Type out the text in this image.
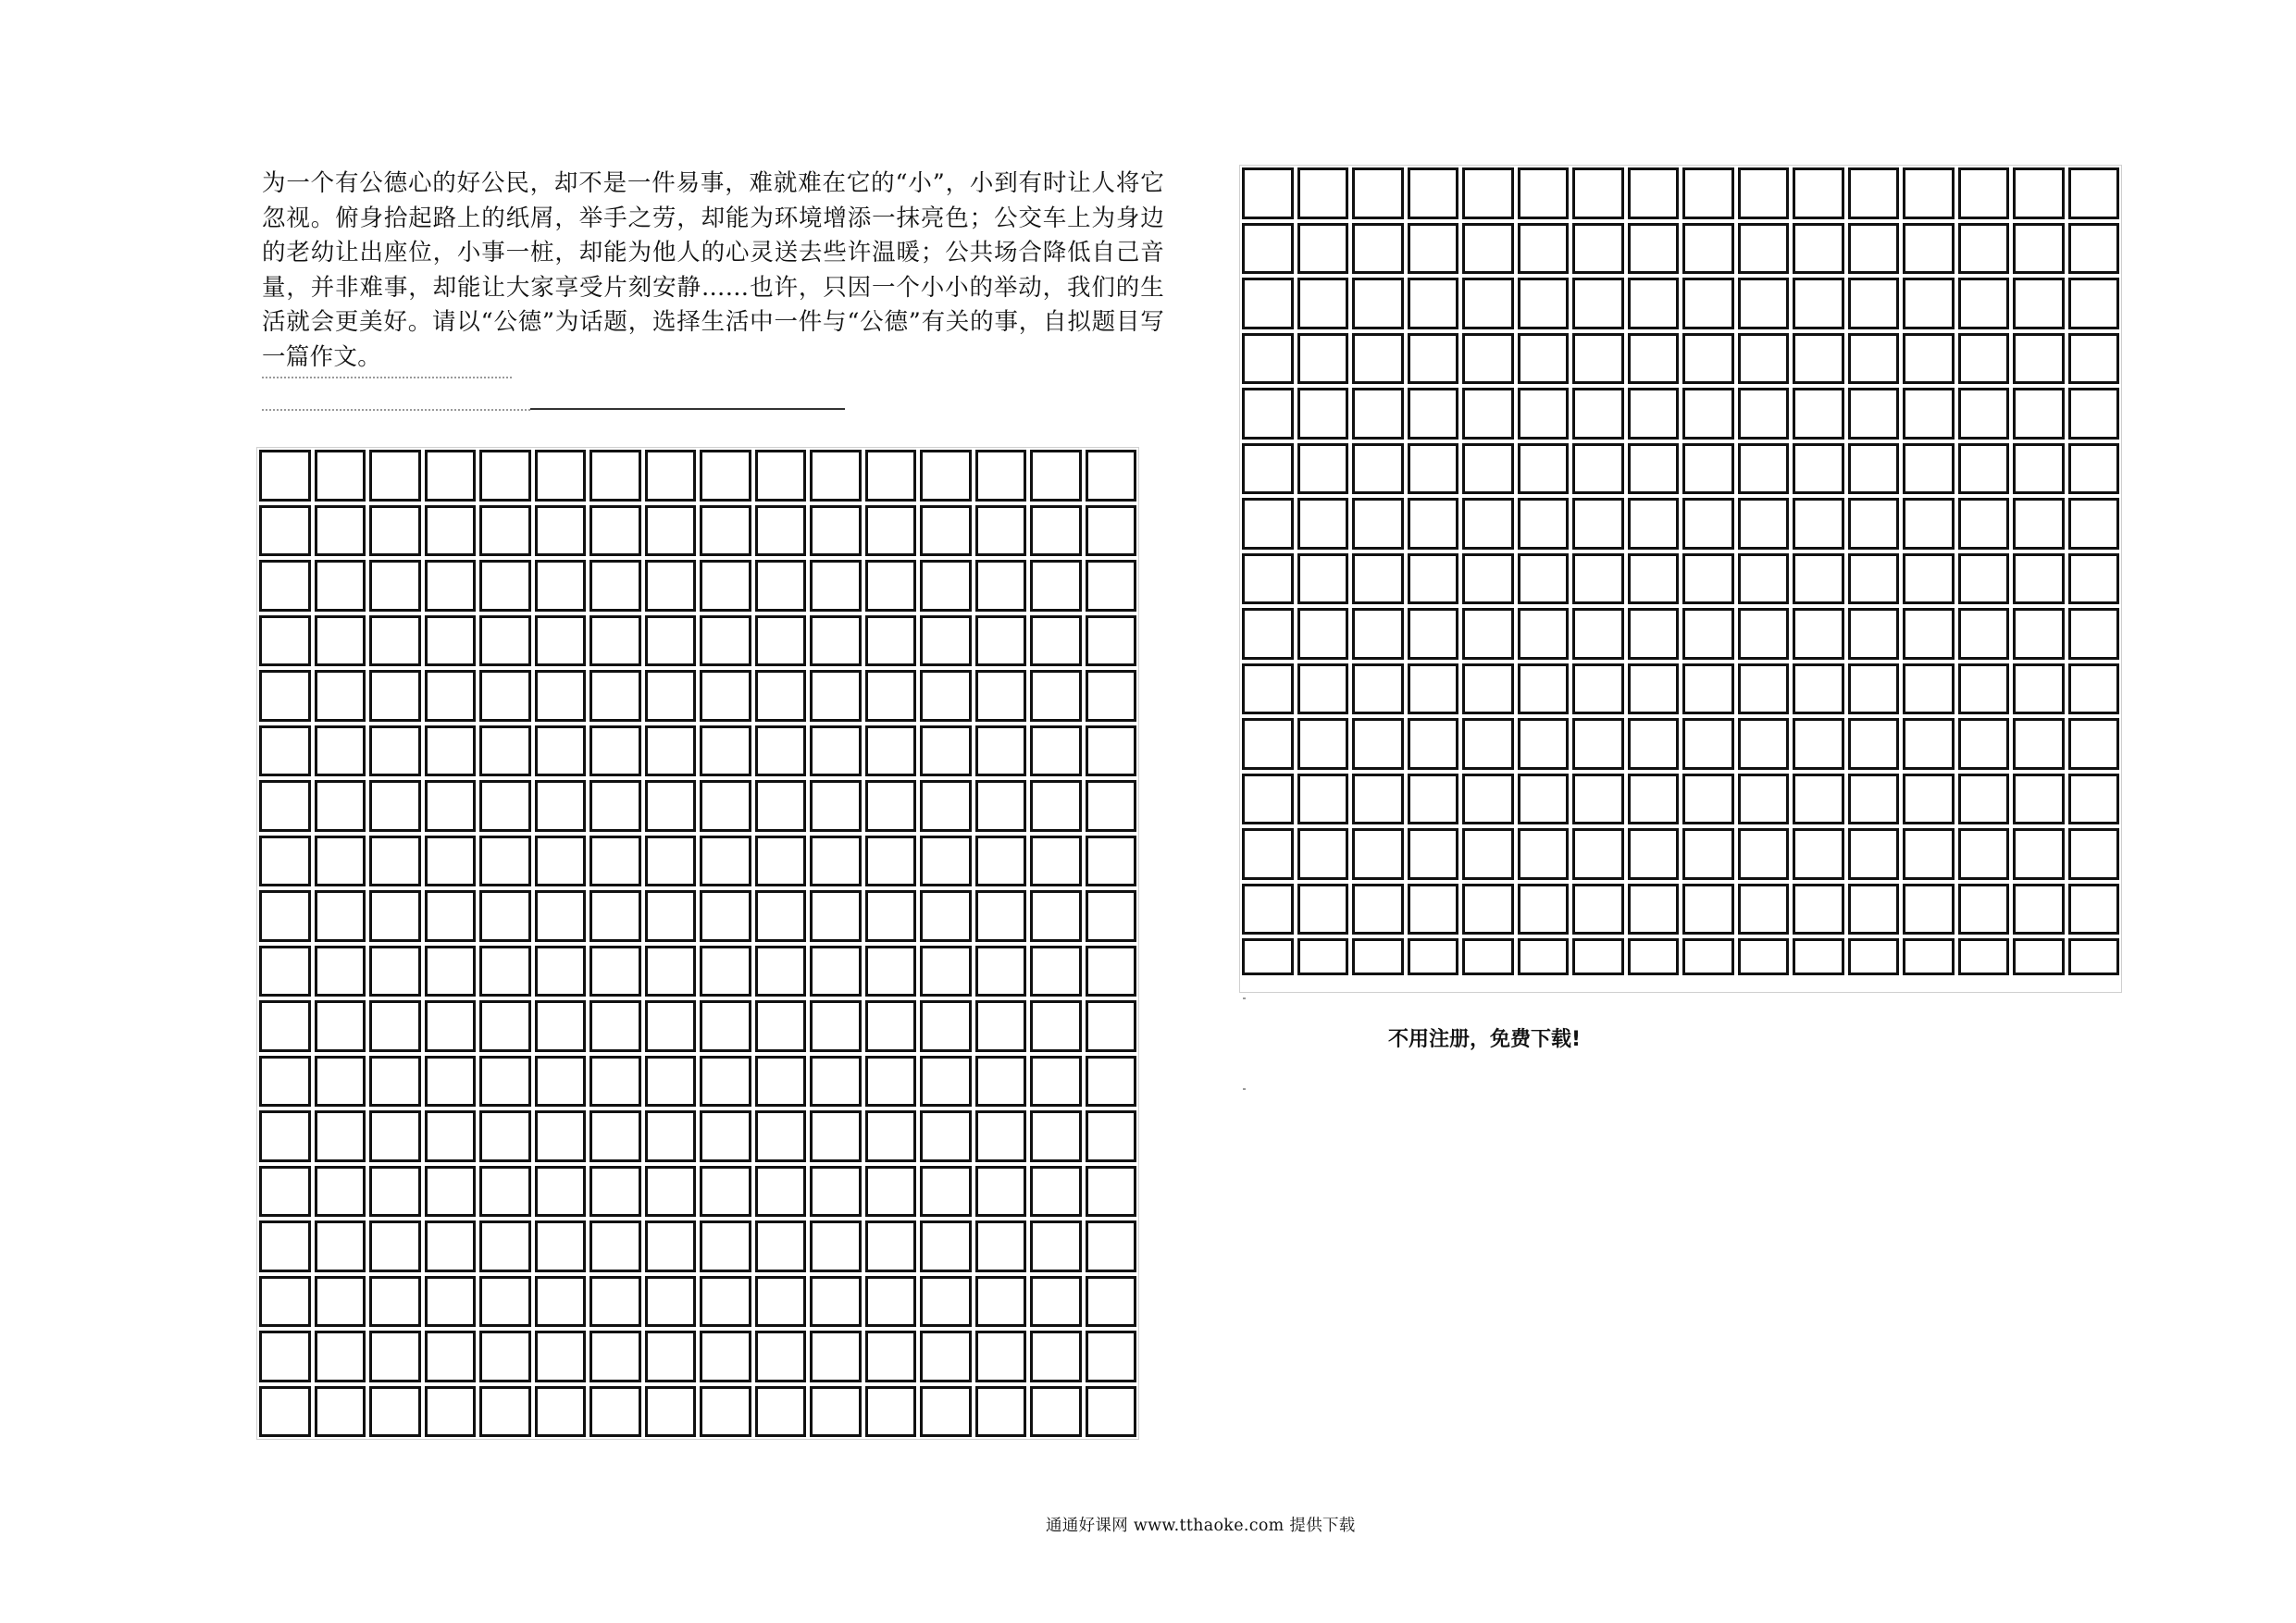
为一个有公德心的好公民，却不是一件易事，难就难在它的“小”，小到有时让人将它忽视。俯身拾起路上的纸屑，举手之劳，却能为环境增添一抹亮色；公交车上为身边的老幼让出座位，小事一桩，却能为他人的心灵送去些许温暖；公共场合降低自己音量，并非难事，却能让大家享受片刻安静……也许，只因一个小小的举动，我们的生活就会更美好。请以“公德”为话题，选择生活中一件与“公德”有关的事，自拟题目写一篇作文。
不用注册，免费下载!
通通好课网 www.tthaoke.com 提供下载
